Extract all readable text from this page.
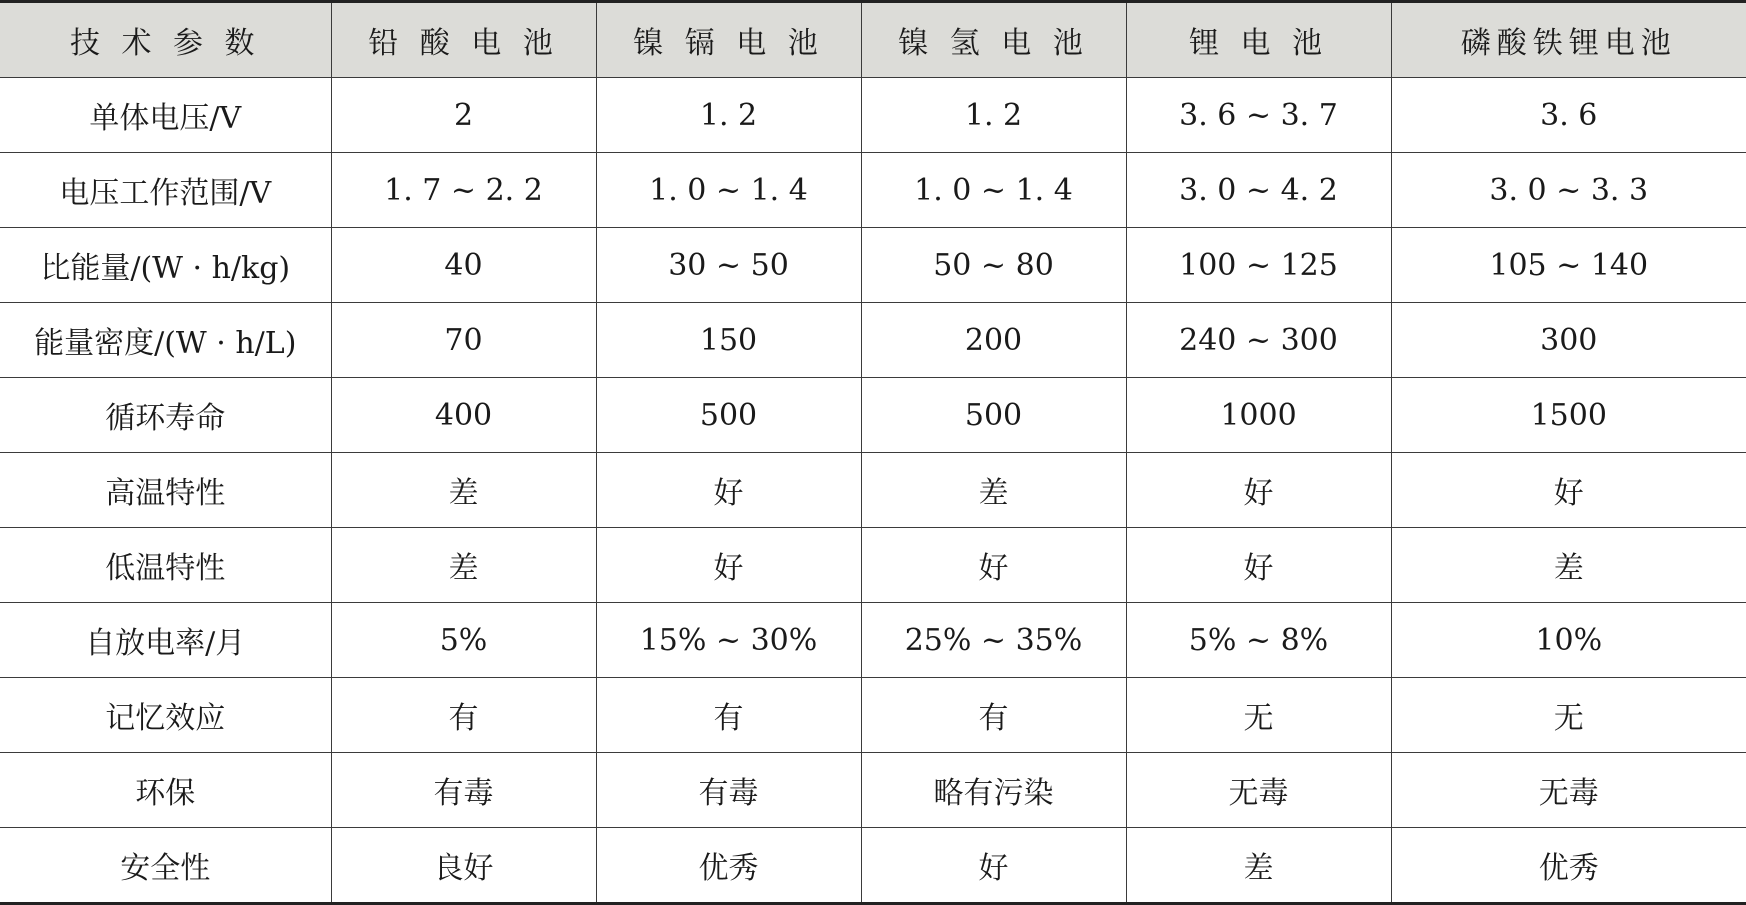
技 术 参 数	铅 酸 电 池	镍 镉 电 池	镍 氢 电 池	锂 电 池	磷酸铁锂电池
单体电压/V	2	1. 2	1. 2	3. 6 ~ 3. 7	3. 6
电压工作范围/V	1. 7 ~ 2. 2	1. 0 ~ 1. 4	1. 0 ~ 1. 4	3. 0 ~ 4. 2	3. 0 ~ 3. 3
比能量/(W · h/kg)	40	30 ~ 50	50 ~ 80	100 ~ 125	105 ~ 140
能量密度/(W · h/L)	70	150	200	240 ~ 300	300
循环寿命	400	500	500	1000	1500
高温特性	差	好	差	好	好
低温特性	差	好	好	好	差
自放电率/月	5%	15% ~ 30%	25% ~ 35%	5% ~ 8%	10%
记忆效应	有	有	有	无	无
环保	有毒	有毒	略有污染	无毒	无毒
安全性	良好	优秀	好	差	优秀
